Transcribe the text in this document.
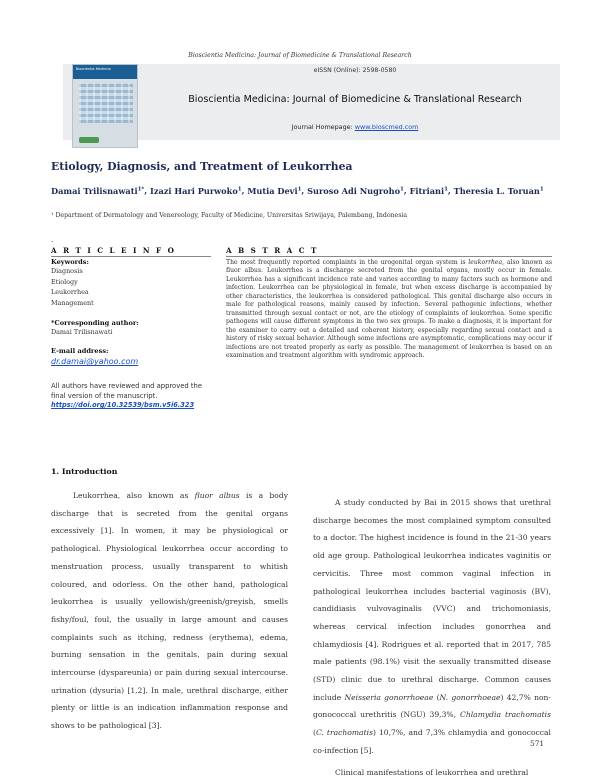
Bioscientia Medicina: Journal of Biomedicine & Translational Research
Bioscientia Medicina	eISSN (Online): 2598-0580
Bioscientia Medicina: Journal of Biomedicine & Translational Research
Journal Homepage: www.bioscmed.com
Etiology, Diagnosis, and Treatment of Leukorrhea
Damai Trilisnawati$^{1*}$, Izazi Hari Purwoko$^1$, Mutia Devi$^1$, Suroso Adi Nugroho$^1$, Fitriani$^1$, Theresia L. Toruan$^1$
¹ Department of Dermatology and Venereology, Faculty of Medicine, Universitas Sriwijaya, Palembang, Indonesia
.
A R T I C L E I N F O
Keywords:
Diagnosis
Etiology
Leukorrhea
Management
*Corresponding author:
Damai Trilisnawati
E-mail address:
dr.damai@yahoo.com
All authors have reviewed and approved the final version of the manuscript.
https://doi.org/10.32539/bsm.v5i6.323
A B S T R A C T
The most frequently reported complaints in the urogenital organ system is leukorrhea, also known as fluor albus. Leukorrhea is a discharge secreted from the genital organs, mostly occur in female. Leukorrhea has a significant incidence rate and varies according to many factors such as hormone and infection. Leukorrhea can be physiological in female, but when excess discharge is accompanied by other characteristics, the leukorrhea is considered pathological. This genital discharge also occurs in male for pathological reasons, mainly caused by infection. Several pathogenic infections, whether transmitted through sexual contact or not, are the etiology of complaints of leukorrhea. Some specific pathogens will cause different symptoms in the two sex groups. To make a diagnosis, it is important for the examiner to carry out a detailed and coherent history, especially regarding sexual contact and a history of risky sexual behavior. Although some infections are asymptomatic, complications may occur if infections are not treated properly as early as possible. The management of leukorrhea is based on an examination and treatment algorithm with syndromic approach.
1. Introduction

Leukorrhea, also known as fluor albus is a body discharge that is secreted from the genital organs excessively [1]. In women, it may be physiological or pathological. Physiological leukorrhea occur according to menstruation process, usually transparent to whitish coloured, and odorless. On the other hand, pathological leukorrhea is usually yellowish/greenish/greyish, smells fishy/foul, foul, the usually in large amount and causes complaints such as itching, redness (erythema), edema, burning sensation in the genitals, pain during sexual intercourse (dyspareunia) or pain during sexual intercourse. urination (dysuria) [1,2]. In male, urethral discharge, either plenty or little is an indication inflammation response and shows to be pathological [3].

A study conducted by Bai in 2015 shows that urethral discharge becomes the most complained symptom consulted to a doctor. The highest incidence is found in the 21-30 years old age group. Pathological leukorrhea indicates vaginitis or cervicitis. Three most common vaginal infection in pathological leukorrhea includes bacterial vaginosis (BV), candidiasis vulvovaginalis (VVC) and trichomoniasis, whereas cervical infection includes gonorrhea and chlamydiosis [4]. Rodrigues et al. reported that in 2017, 785 male patients (98.1%) visit the sexually transmitted disease (STD) clinic due to urethral discharge. Common causes include Neisseria gonorrhoeae (N. gonorrhoeae) 42,7% non-gonococcal urethritis (NGU) 39,3%, Chlamydia trachomatis (C. trachomatis) 10,7%, and 7,3% chlamydia and gonococcal co-infection [5].

Clinical manifestations of leukorrhea and urethral

571
